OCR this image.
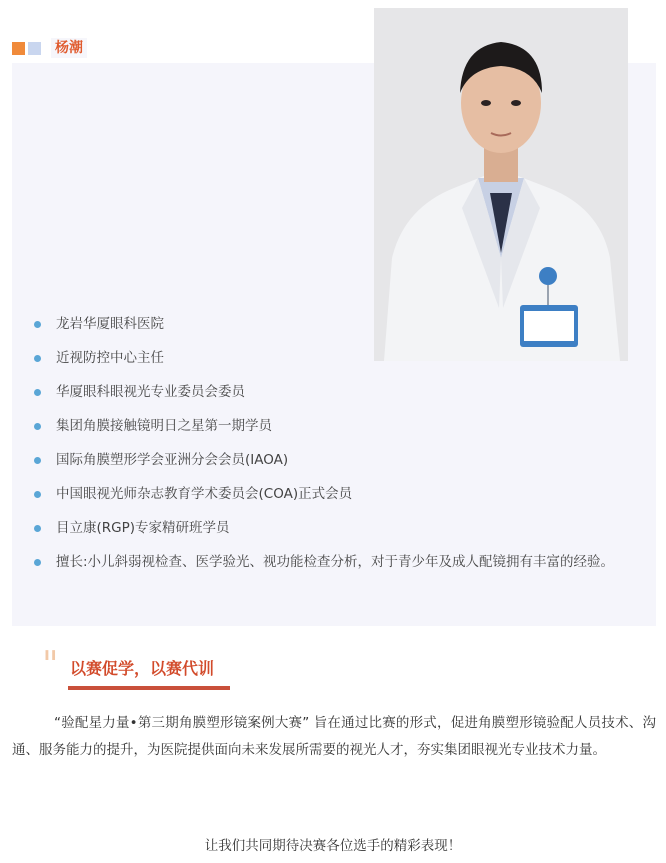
杨潮
龙岩华厦眼科医院
近视防控中心主任
华厦眼科眼视光专业委员会委员
集团角膜接触镜明日之星第一期学员
国际角膜塑形学会亚洲分会会员(IAOA)
中国眼视光师杂志教育学术委员会(COA)正式会员
目立康(RGP)专家精研班学员
擅长:小儿斜弱视检查、医学验光、视功能检查分析，对于青少年及成人配镜拥有丰富的经验。
" 以赛促学，以赛代训

“验配星力量•第三期角膜塑形镜案例大赛” 旨在通过比赛的形式，促进角膜塑形镜验配人员技术、沟通、服务能力的提升，为医院提供面向未来发展所需要的视光人才，夯实集团眼视光专业技术力量。

让我们共同期待决赛各位选手的精彩表现！
